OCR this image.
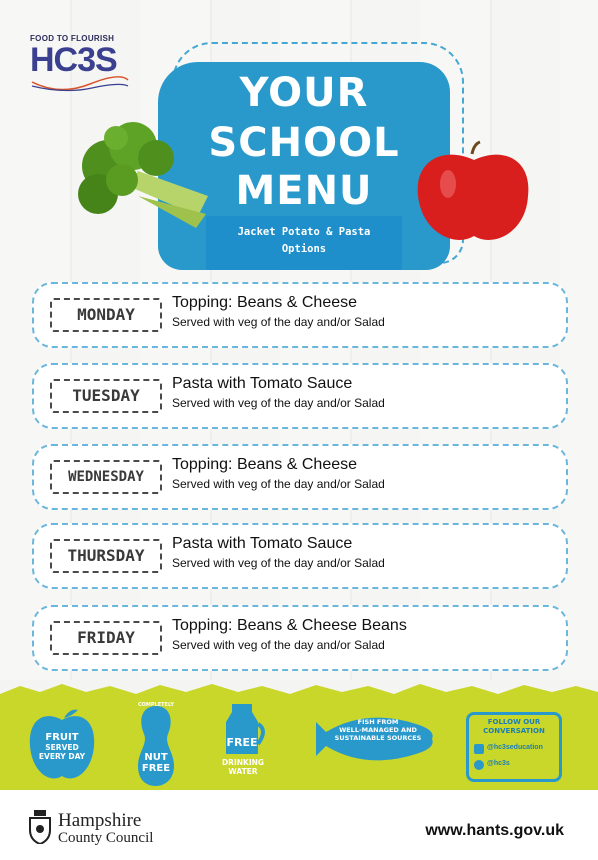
FOOD TO FLOURISH
HC3S
YOUR
SCHOOL
MENU
Jacket Potato & Pasta
Options
MONDAY
Topping: Beans & Cheese
Served with veg of the day and/or Salad
TUESDAY
Pasta with Tomato Sauce
Served with veg of the day and/or Salad
WEDNESDAY
Topping: Beans & Cheese
Served with veg of the day and/or Salad
THURSDAY
Pasta with Tomato Sauce
Served with veg of the day and/or Salad
FRIDAY
Topping: Beans & Cheese Beans
Served with veg of the day and/or Salad
FRUIT
SERVED
EVERY DAY
COMPLETELY
NUT
FREE
FREE
DRINKING
WATER
FISH FROM
WELL-MANAGED AND
SUSTAINABLE SOURCES
FOLLOW OUR
CONVERSATION
@hc3seducation
@hc3s
Hampshire
County Council	www.hants.gov.uk
